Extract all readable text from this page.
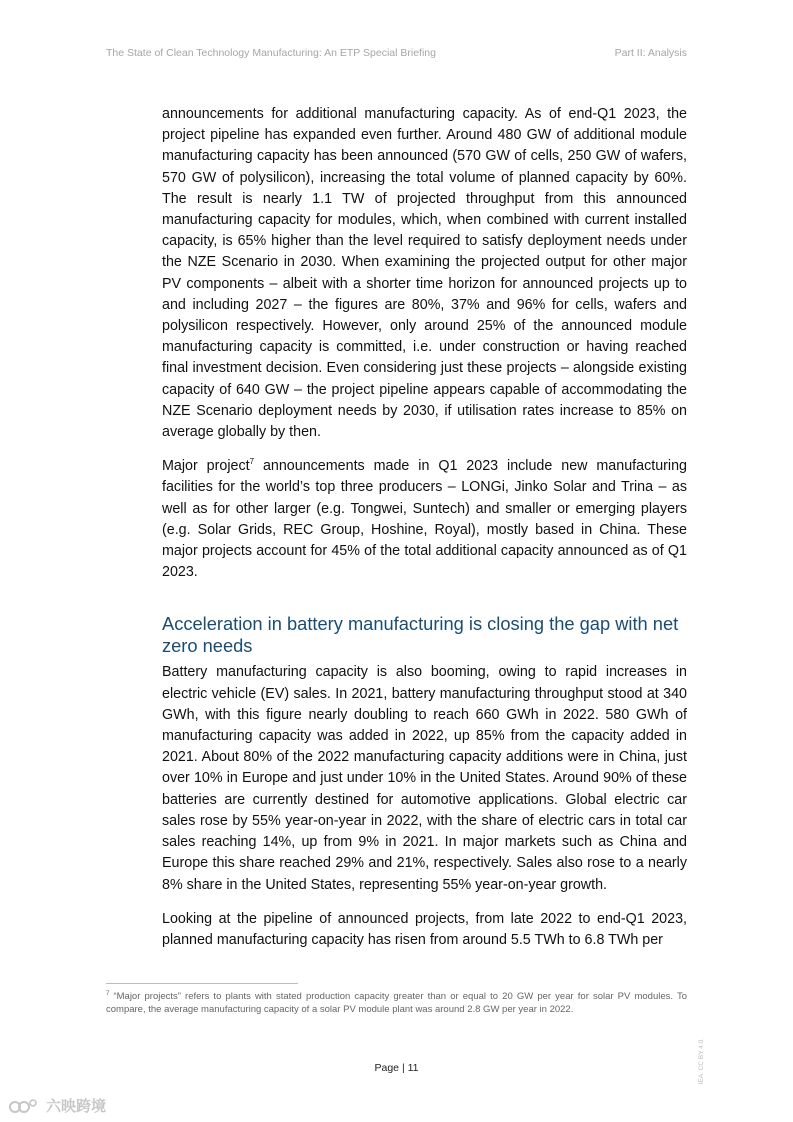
The State of Clean Technology Manufacturing: An ETP Special Briefing	Part II: Analysis

announcements for additional manufacturing capacity. As of end-Q1 2023, the project pipeline has expanded even further. Around 480 GW of additional module manufacturing capacity has been announced (570 GW of cells, 250 GW of wafers, 570 GW of polysilicon), increasing the total volume of planned capacity by 60%. The result is nearly 1.1 TW of projected throughput from this announced manufacturing capacity for modules, which, when combined with current installed capacity, is 65% higher than the level required to satisfy deployment needs under the NZE Scenario in 2030. When examining the projected output for other major PV components – albeit with a shorter time horizon for announced projects up to and including 2027 – the figures are 80%, 37% and 96% for cells, wafers and polysilicon respectively. However, only around 25% of the announced module manufacturing capacity is committed, i.e. under construction or having reached final investment decision. Even considering just these projects – alongside existing capacity of 640 GW – the project pipeline appears capable of accommodating the NZE Scenario deployment needs by 2030, if utilisation rates increase to 85% on average globally by then.

Major project$^7$ announcements made in Q1 2023 include new manufacturing facilities for the world’s top three producers – LONGi, Jinko Solar and Trina – as well as for other larger (e.g. Tongwei, Suntech) and smaller or emerging players (e.g. Solar Grids, REC Group, Hoshine, Royal), mostly based in China. These major projects account for 45% of the total additional capacity announced as of Q1 2023.

Acceleration in battery manufacturing is closing the gap with net zero needs

Battery manufacturing capacity is also booming, owing to rapid increases in electric vehicle (EV) sales. In 2021, battery manufacturing throughput stood at 340 GWh, with this figure nearly doubling to reach 660 GWh in 2022. 580 GWh of manufacturing capacity was added in 2022, up 85% from the capacity added in 2021. About 80% of the 2022 manufacturing capacity additions were in China, just over 10% in Europe and just under 10% in the United States. Around 90% of these batteries are currently destined for automotive applications. Global electric car sales rose by 55% year-on-year in 2022, with the share of electric cars in total car sales reaching 14%, up from 9% in 2021. In major markets such as China and Europe this share reached 29% and 21%, respectively. Sales also rose to a nearly 8% share in the United States, representing 55% year-on-year growth.

Looking at the pipeline of announced projects, from late 2022 to end-Q1 2023, planned manufacturing capacity has risen from around 5.5 TWh to 6.8 TWh per

$^7$ “Major projects” refers to plants with stated production capacity greater than or equal to 20 GW per year for solar PV modules. To compare, the average manufacturing capacity of a solar PV module plant was around 2.8 GW per year in 2022.
Page | 11	IEA. CC BY 4.0.
六映跨境
